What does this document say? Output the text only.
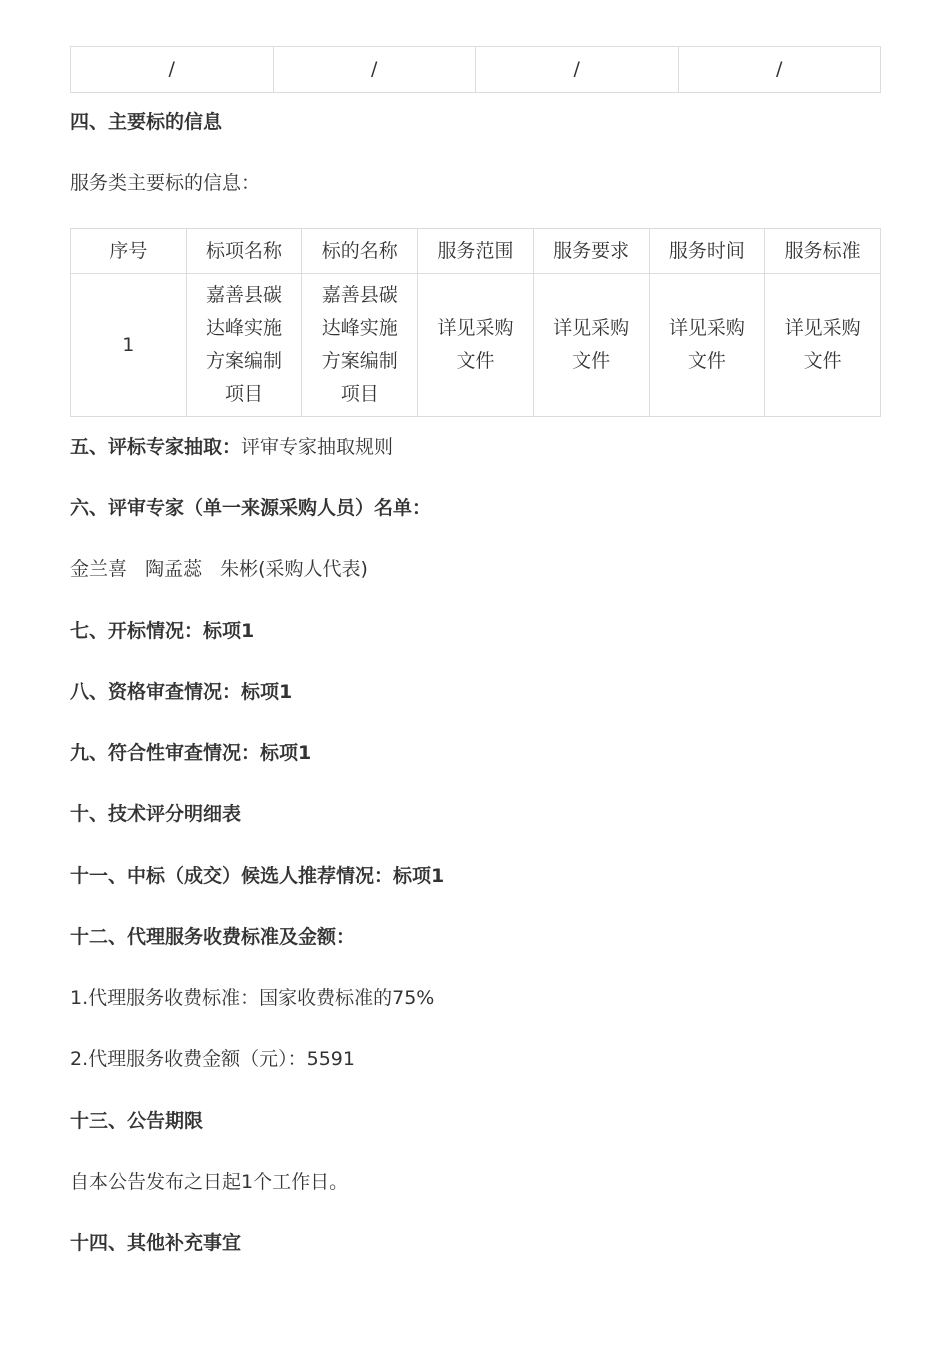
/	/	/	/
四、主要标的信息
服务类主要标的信息：
序号	标项名称	标的名称	服务范围	服务要求	服务时间	服务标准
1	嘉善县碳达峰实施方案编制项目	嘉善县碳达峰实施方案编制项目	详见采购文件	详见采购文件	详见采购文件	详见采购文件
五、评标专家抽取：评审专家抽取规则
六、评审专家（单一来源采购人员）名单：
金兰喜 陶孟蕊 朱彬(采购人代表)
七、开标情况：标项1
八、资格审查情况：标项1
九、符合性审查情况：标项1
十、技术评分明细表
十一、中标（成交）候选人推荐情况：标项1
十二、代理服务收费标准及金额：
1.代理服务收费标准：国家收费标准的75%
2.代理服务收费金额（元）：5591
十三、公告期限
自本公告发布之日起1个工作日。
十四、其他补充事宜
